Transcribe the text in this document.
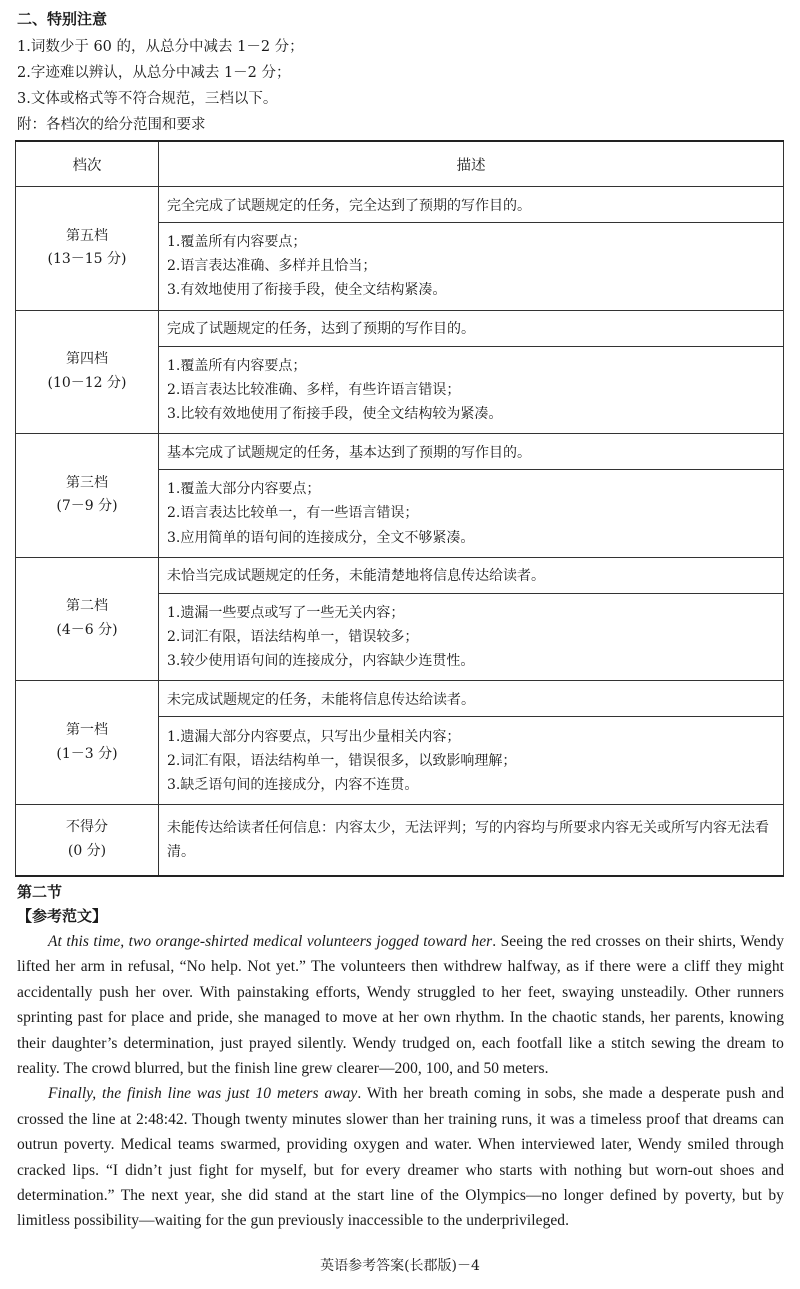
二、特别注意
1.词数少于 60 的，从总分中减去 1－2 分；
2.字迹难以辨认，从总分中减去 1－2 分；
3.文体或格式等不符合规范，三档以下。
附：各档次的给分范围和要求
档次	描述

第五档
(13－15 分)	完全完成了试题规定的任务，完全达到了预期的写作目的。

	1.覆盖所有内容要点；
2.语言表达准确、多样并且恰当；
3.有效地使用了衔接手段，使全文结构紧凑。

第四档
(10－12 分)	完成了试题规定的任务，达到了预期的写作目的。

	1.覆盖所有内容要点；
2.语言表达比较准确、多样，有些许语言错误；
3.比较有效地使用了衔接手段，使全文结构较为紧凑。

第三档
(7－9 分)	基本完成了试题规定的任务，基本达到了预期的写作目的。

	1.覆盖大部分内容要点；
2.语言表达比较单一，有一些语言错误；
3.应用简单的语句间的连接成分，全文不够紧凑。

第二档
(4－6 分)	未恰当完成试题规定的任务，未能清楚地将信息传达给读者。

	1.遗漏一些要点或写了一些无关内容；
2.词汇有限，语法结构单一，错误较多；
3.较少使用语句间的连接成分，内容缺少连贯性。

第一档
(1－3 分)	未完成试题规定的任务，未能将信息传达给读者。

	1.遗漏大部分内容要点，只写出少量相关内容；
2.词汇有限，语法结构单一，错误很多，以致影响理解；
3.缺乏语句间的连接成分，内容不连贯。

不得分
(0 分)	未能传达给读者任何信息：内容太少，无法评判；写的内容均与所要求内容无关或所写内容无法看清。
第二节
【参考范文】

At this time, two orange-shirted medical volunteers jogged toward her. Seeing the red crosses on their shirts, Wendy lifted her arm in refusal, “No help. Not yet.” The volunteers then withdrew halfway, as if there were a cliff they might accidentally push her over. With painstaking efforts, Wendy struggled to her feet, swaying unsteadily. Other runners sprinting past for place and pride, she managed to move at her own rhythm. In the chaotic stands, her parents, knowing their daughter’s determination, just prayed silently. Wendy trudged on, each footfall like a stitch sewing the dream to reality. The crowd blurred, but the finish line grew clearer—200, 100, and 50 meters.

Finally, the finish line was just 10 meters away. With her breath coming in sobs, she made a desperate push and crossed the line at 2:48:42. Though twenty minutes slower than her training runs, it was a timeless proof that dreams can outrun poverty. Medical teams swarmed, providing oxygen and water. When interviewed later, Wendy smiled through cracked lips. “I didn’t just fight for myself, but for every dreamer who starts with nothing but worn-out shoes and determination.” The next year, she did stand at the start line of the Olympics—no longer defined by poverty, but by limitless possibility—waiting for the gun previously inaccessible to the underprivileged.

英语参考答案(长郡版)－4
